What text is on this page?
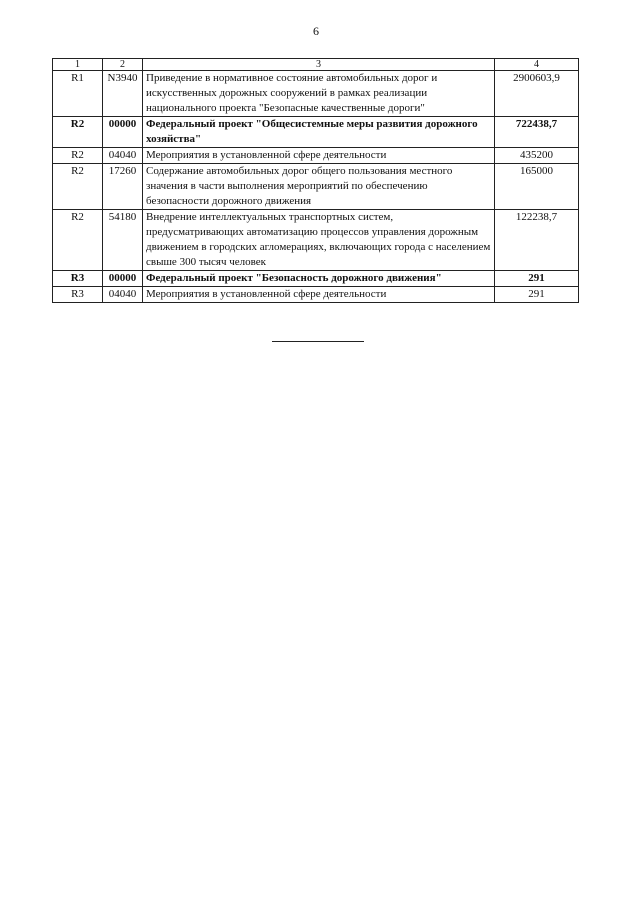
6
1	2	3	4
R1	N3940	Приведение в нормативное состояние автомобильных дорог и искусственных дорожных сооружений в рамках реализации национального проекта "Безопасные качественные дороги"	2900603,9
R2	00000	Федеральный проект "Общесистемные меры развития дорожного хозяйства"	722438,7
R2	04040	Мероприятия в установленной сфере деятельности	435200
R2	17260	Содержание автомобильных дорог общего пользования местного значения в части выполнения мероприятий по обеспечению безопасности дорожного движения	165000
R2	54180	Внедрение интеллектуальных транспортных систем, предусматривающих автоматизацию процессов управления дорожным движением в городских агломерациях, включающих города с населением свыше 300 тысяч человек	122238,7
R3	00000	Федеральный проект "Безопасность дорожного движения"	291
R3	04040	Мероприятия в установленной сфере деятельности	291
